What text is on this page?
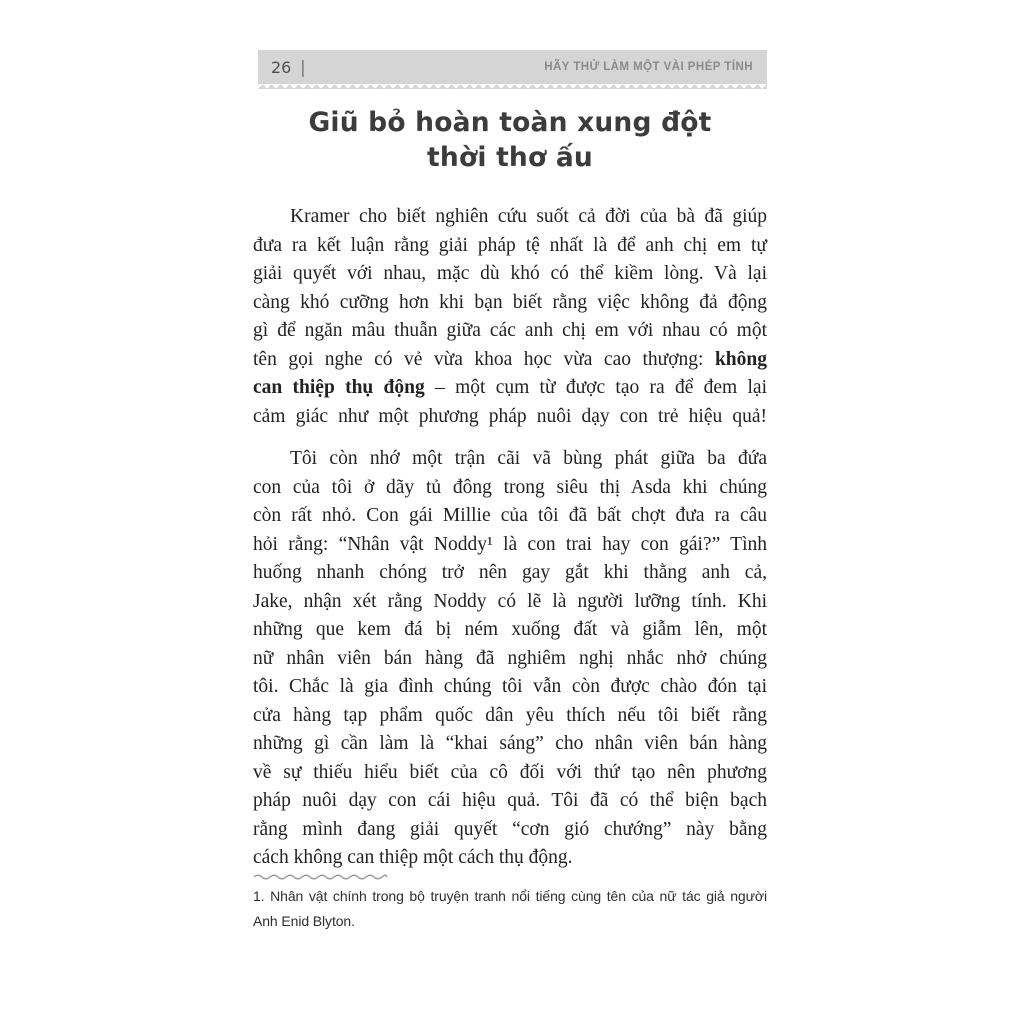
26 |	HÃY THỬ LÀM MỘT VÀI PHÉP TÍNH
Giũ bỏ hoàn toàn xung đột
thời thơ ấu
Kramer cho biết nghiên cứu suốt cả đời của bà đã giúp
đưa ra kết luận rằng giải pháp tệ nhất là để anh chị em tự
giải quyết với nhau, mặc dù khó có thể kiềm lòng. Và lại
càng khó cưỡng hơn khi bạn biết rằng việc không đả động
gì để ngăn mâu thuẫn giữa các anh chị em với nhau có một
tên gọi nghe có vẻ vừa khoa học vừa cao thượng: không
can thiệp thụ động – một cụm từ được tạo ra để đem lại
cảm giác như một phương pháp nuôi dạy con trẻ hiệu quả!
Tôi còn nhớ một trận cãi vã bùng phát giữa ba đứa
con của tôi ở dãy tủ đông trong siêu thị Asda khi chúng
còn rất nhỏ. Con gái Millie của tôi đã bất chợt đưa ra câu
hỏi rằng: “Nhân vật Noddy¹ là con trai hay con gái?” Tình
huống nhanh chóng trở nên gay gắt khi thằng anh cả,
Jake, nhận xét rằng Noddy có lẽ là người lưỡng tính. Khi
những que kem đá bị ném xuống đất và giẫm lên, một
nữ nhân viên bán hàng đã nghiêm nghị nhắc nhở chúng
tôi. Chắc là gia đình chúng tôi vẫn còn được chào đón tại
cửa hàng tạp phẩm quốc dân yêu thích nếu tôi biết rằng
những gì cần làm là “khai sáng” cho nhân viên bán hàng
về sự thiếu hiểu biết của cô đối với thứ tạo nên phương
pháp nuôi dạy con cái hiệu quả. Tôi đã có thể biện bạch
rằng mình đang giải quyết “cơn gió chướng” này bằng
cách không can thiệp một cách thụ động.
1. Nhân vật chính trong bộ truyện tranh nổi tiếng cùng tên của nữ tác giả người
Anh Enid Blyton.
